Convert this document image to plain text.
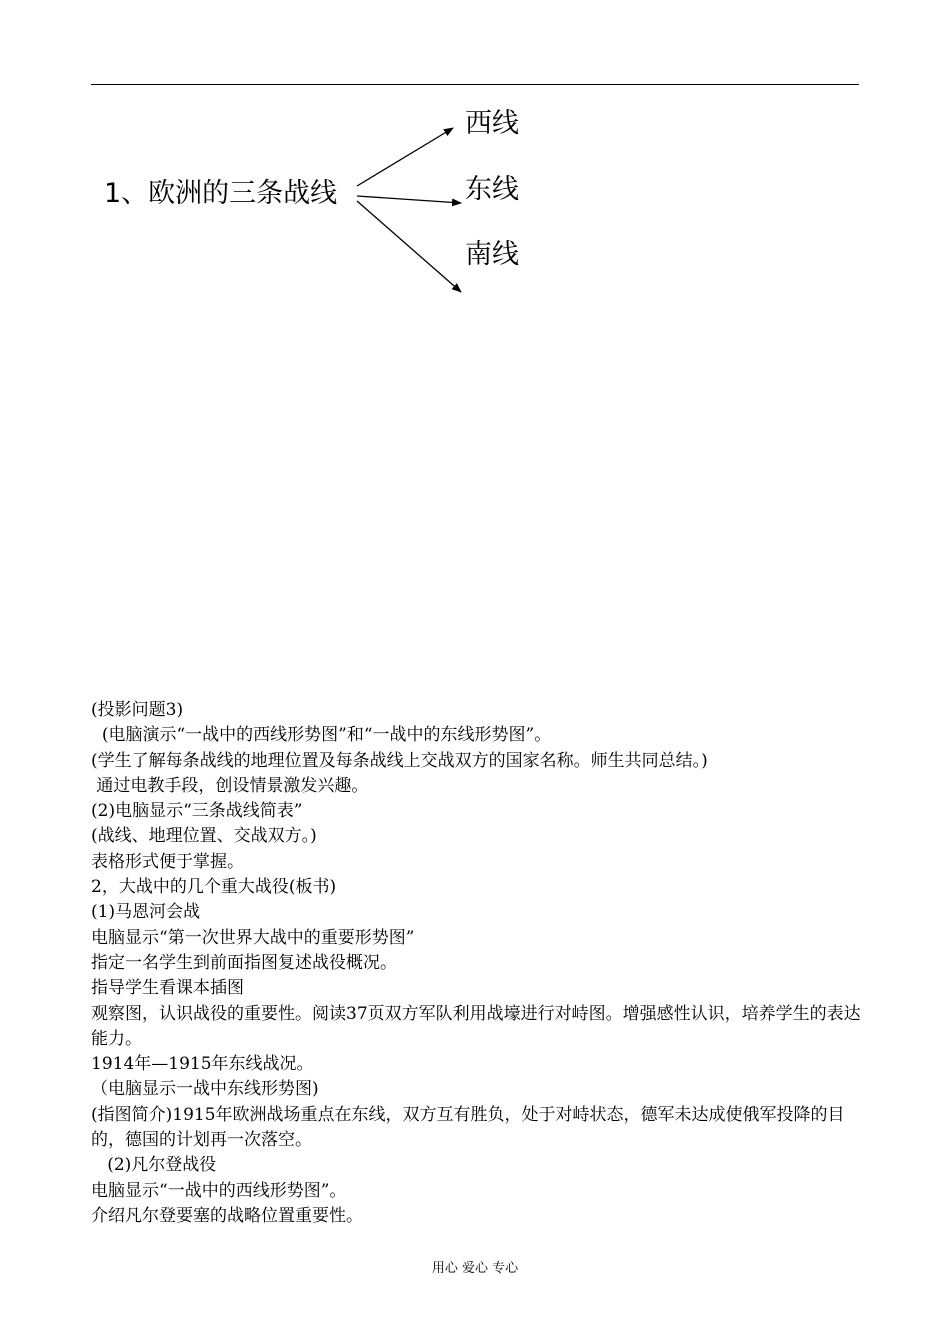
1、欧洲的三条战线
西线
东线
南线

(投影问题3)

(电脑演示“一战中的西线形势图”和“一战中的东线形势图”。

(学生了解每条战线的地理位置及每条战线上交战双方的国家名称。师生共同总结。)

通过电教手段，创设情景激发兴趣。

(2)电脑显示“三条战线简表”

(战线、地理位置、交战双方。)

表格形式便于掌握。

2，大战中的几个重大战役(板书)

(1)马恩河会战

电脑显示“第一次世界大战中的重要形势图”

指定一名学生到前面指图复述战役概况。

指导学生看课本插图

观察图，认识战役的重要性。阅读37页双方军队利用战壕进行对峙图。增强感性认识，培养学生的表达能力。

1914年—1915年东线战况。

（电脑显示一战中东线形势图)

(指图简介)1915年欧洲战场重点在东线，双方互有胜负，处于对峙状态，德军未达成使俄军投降的目的，德国的计划再一次落空。

(2)凡尔登战役

电脑显示“一战中的西线形势图”。

介绍凡尔登要塞的战略位置重要性。

用心 爱心 专心
